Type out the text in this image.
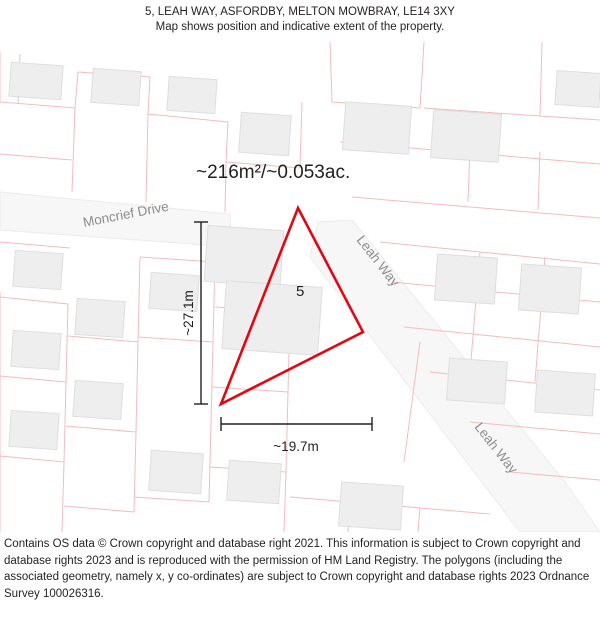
5, LEAH WAY, ASFORDBY, MELTON MOWBRAY, LE14 3XY
Map shows position and indicative extent of the property.
~216m²/~0.053ac.
5
~27.1m
~19.7m
Moncrief Drive
Leah Way
Leah Way
Contains OS data © Crown copyright and database right 2021. This information is subject to Crown copyright and database rights 2023 and is reproduced with the permission of HM Land Registry. The polygons (including the associated geometry, namely x, y co-ordinates) are subject to Crown copyright and database rights 2023 Ordnance Survey 100026316.
